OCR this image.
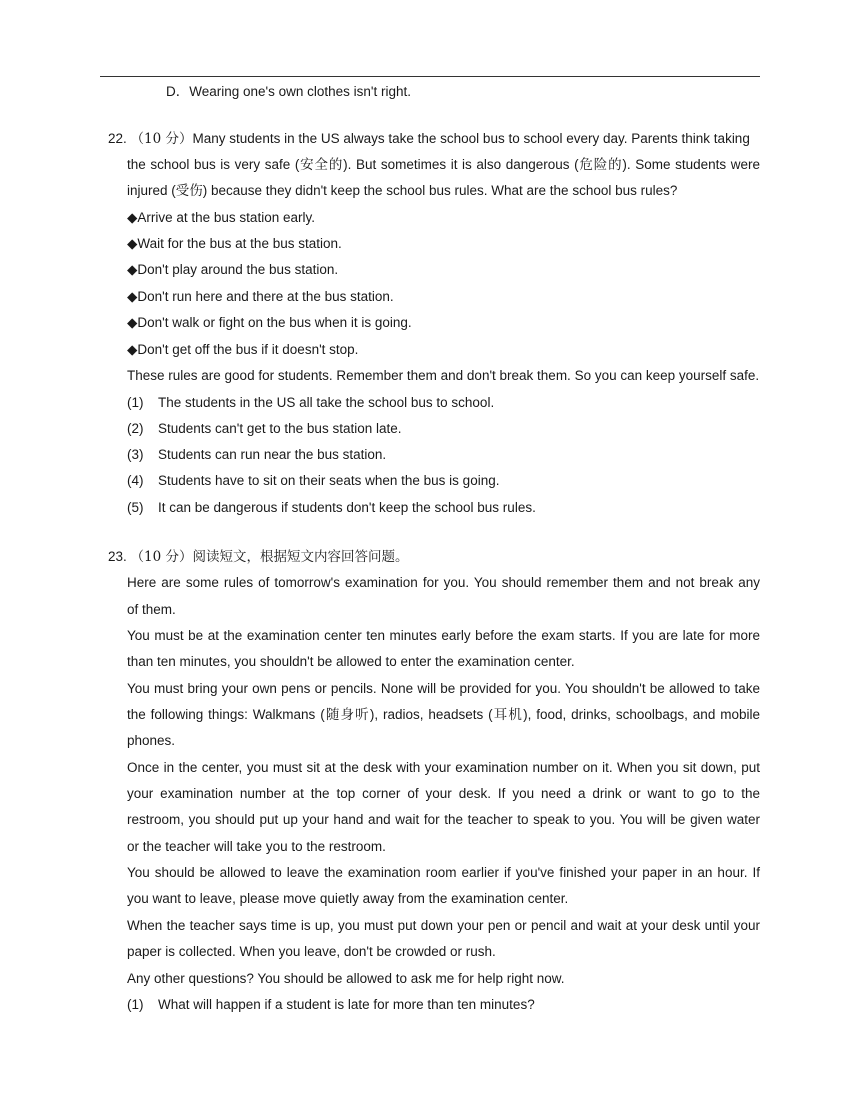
D．Wearing one's own clothes isn't right.
22. （10 分）Many students in the US always take the school bus to school every day. Parents think taking
the school bus is very safe (安全的). But sometimes it is also dangerous (危险的). Some students were
injured (受伤) because they didn't keep the school bus rules. What are the school bus rules?
◆Arrive at the bus station early.
◆Wait for the bus at the bus station.
◆Don't play around the bus station.
◆Don't run here and there at the bus station.
◆Don't walk or fight on the bus when it is going.
◆Don't get off the bus if it doesn't stop.
These rules are good for students. Remember them and don't break them. So you can keep yourself safe.
(1) The students in the US all take the school bus to school.
(2) Students can't get to the bus station late.
(3) Students can run near the bus station.
(4) Students have to sit on their seats when the bus is going.
(5) It can be dangerous if students don't keep the school bus rules.
23. （10 分）阅读短文，根据短文内容回答问题。
Here are some rules of tomorrow's examination for you. You should remember them and not break any
of them.
You must be at the examination center ten minutes early before the exam starts. If you are late for more
than ten minutes, you shouldn't be allowed to enter the examination center.
You must bring your own pens or pencils. None will be provided for you. You shouldn't be allowed to take
the following things: Walkmans (随身听), radios, headsets (耳机), food, drinks, schoolbags, and mobile
phones.
Once in the center, you must sit at the desk with your examination number on it. When you sit down, put
your examination number at the top corner of your desk. If you need a drink or want to go to the
restroom, you should put up your hand and wait for the teacher to speak to you. You will be given water
or the teacher will take you to the restroom.
You should be allowed to leave the examination room earlier if you've finished your paper in an hour. If
you want to leave, please move quietly away from the examination center.
When the teacher says time is up, you must put down your pen or pencil and wait at your desk until your
paper is collected. When you leave, don't be crowded or rush.
Any other questions? You should be allowed to ask me for help right now.
(1) What will happen if a student is late for more than ten minutes?
